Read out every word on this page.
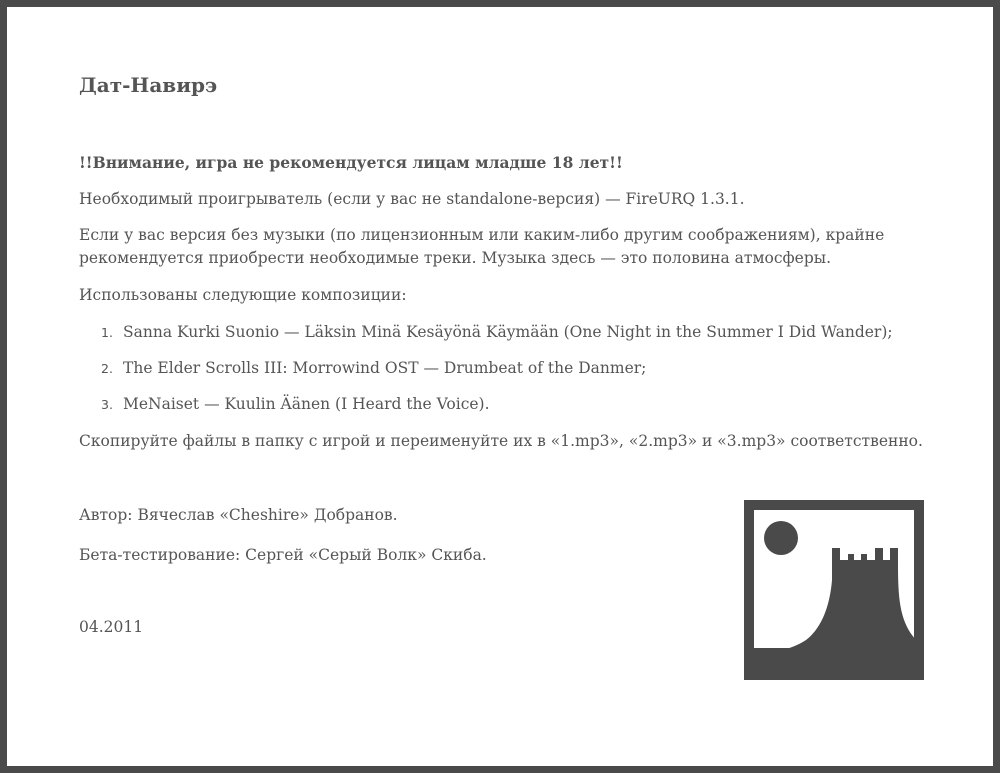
Дат-Навирэ

!!Внимание, игра не рекомендуется лицам младше 18 лет!!

Необходимый проигрыватель (если у вас не standalone-версия) — FireURQ 1.3.1.

Если у вас версия без музыки (по лицензионным или каким-либо другим соображениям), крайне

рекомендуется приобрести необходимые треки. Музыка здесь — это половина атмосферы.

Использованы следующие композиции:

1. Sanna Kurki Suonio — Läksin Minä Kesäyönä Käymään (One Night in the Summer I Did Wander);
2. The Elder Scrolls III: Morrowind OST — Drumbeat of the Danmer;
3. MeNaiset — Kuulin Äänen (I Heard the Voice).

Скопируйте файлы в папку с игрой и переименуйте их в «1.mp3», «2.mp3» и «3.mp3» соответственно.

Автор: Вячеслав «Cheshire» Добранов.

Бета-тестирование: Сергей «Серый Волк» Скиба.

04.2011
